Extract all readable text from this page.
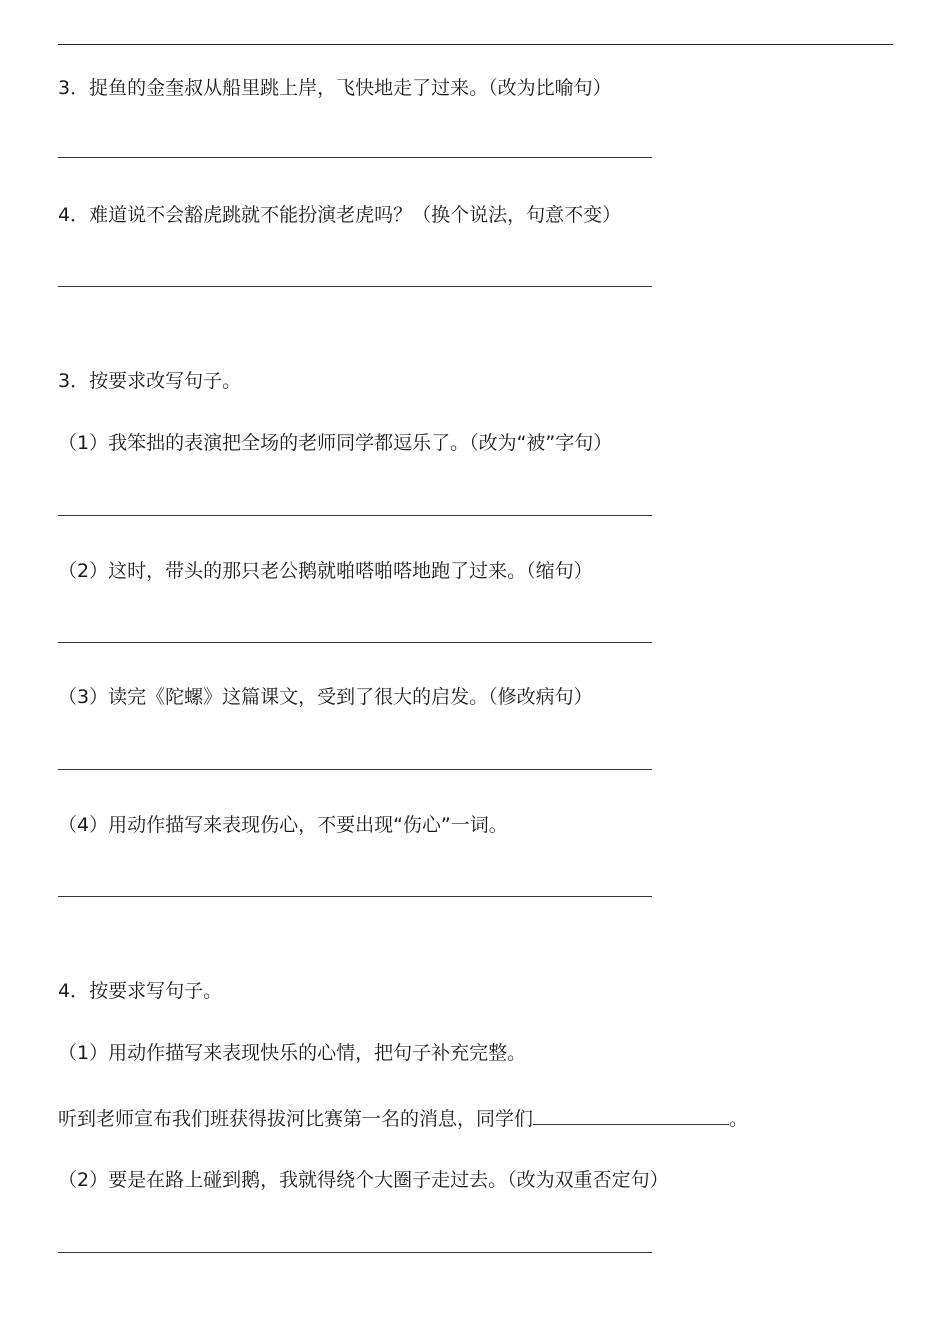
3．捉鱼的金奎叔从船里跳上岸，飞快地走了过来。（改为比喻句）
4．难道说不会豁虎跳就不能扮演老虎吗？（换个说法，句意不变）
3．按要求改写句子。
（1）我笨拙的表演把全场的老师同学都逗乐了。（改为“被”字句）
（2）这时，带头的那只老公鹅就啪嗒啪嗒地跑了过来。（缩句）
（3）读完《陀螺》这篇课文，受到了很大的启发。（修改病句）
（4）用动作描写来表现伤心，不要出现“伤心”一词。
4．按要求写句子。
（1）用动作描写来表现快乐的心情，把句子补充完整。
听到老师宣布我们班获得拔河比赛第一名的消息，同学们	。
（2）要是在路上碰到鹅，我就得绕个大圈子走过去。（改为双重否定句）
